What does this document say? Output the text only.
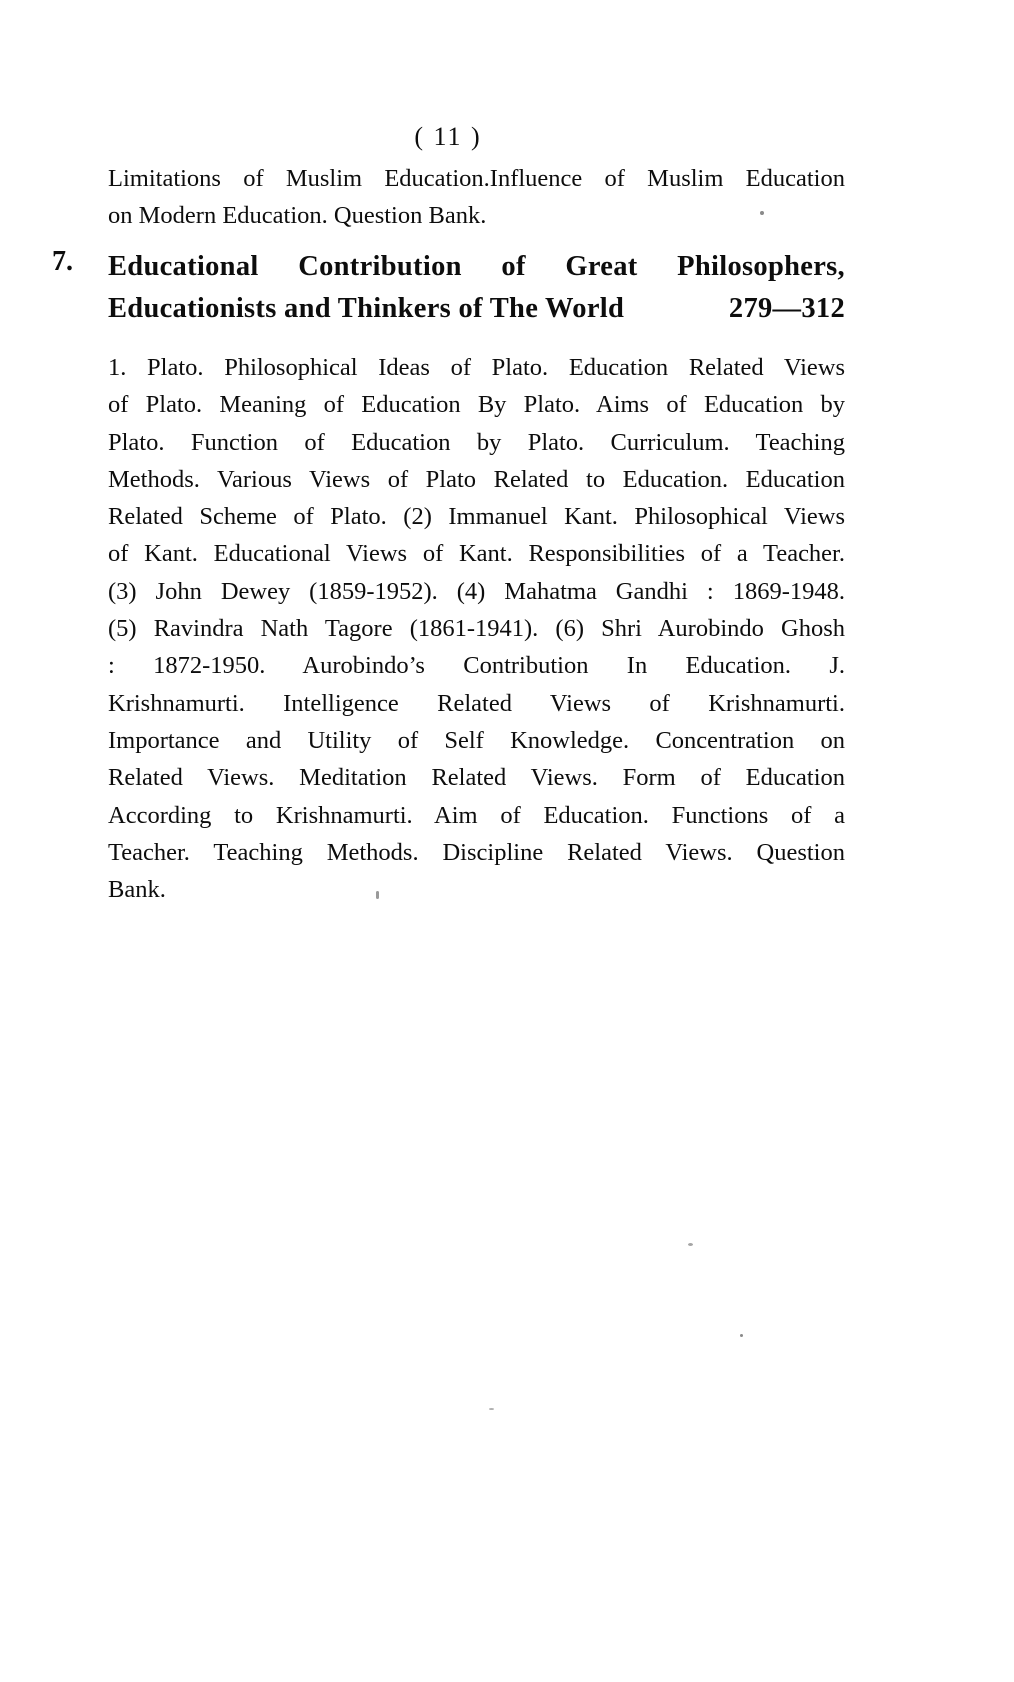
( 11 )
Limitations of Muslim Education.Influence of Muslim Education
on Modern Education. Question Bank.
7. Educational Contribution of Great Philosophers,
Educationists and Thinkers of The World	279—312
1. Plato. Philosophical Ideas of Plato. Education Related Views
of Plato. Meaning of Education By Plato. Aims of Education by
Plato. Function of Education by Plato. Curriculum. Teaching
Methods. Various Views of Plato Related to Education. Education
Related Scheme of Plato. (2) Immanuel Kant. Philosophical Views
of Kant. Educational Views of Kant. Responsibilities of a Teacher.
(3) John Dewey (1859-1952). (4) Mahatma Gandhi : 1869-1948.
(5) Ravindra Nath Tagore (1861-1941). (6) Shri Aurobindo Ghosh
: 1872-1950. Aurobindo’s Contribution In Education. J.
Krishnamurti. Intelligence Related Views of Krishnamurti.
Importance and Utility of Self Knowledge. Concentration on
Related Views. Meditation Related Views. Form of Education
According to Krishnamurti. Aim of Education. Functions of a
Teacher. Teaching Methods. Discipline Related Views. Question
Bank.
